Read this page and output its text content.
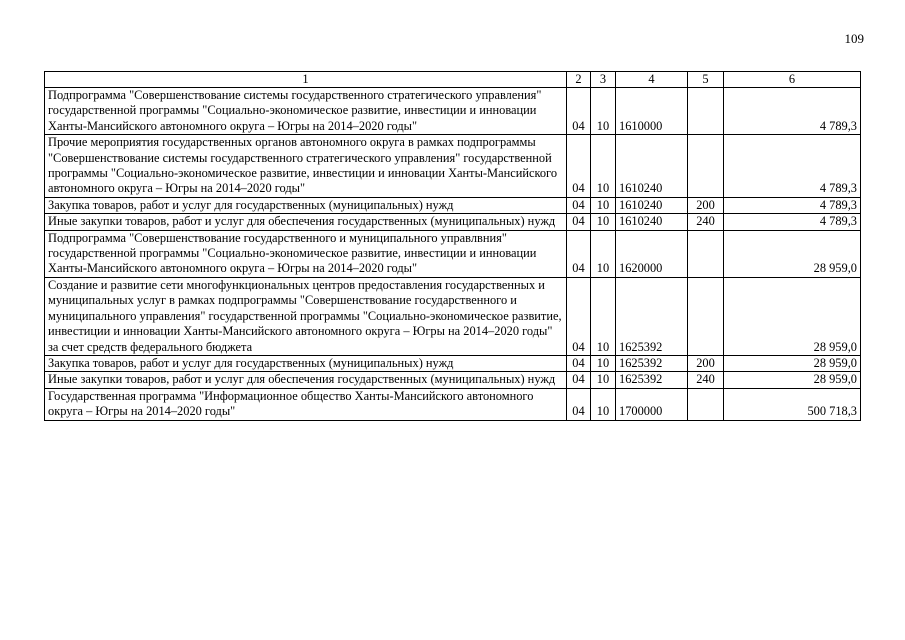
109
1	2	3	4	5	6
Подпрограмма "Совершенствование системы государственного стратегического управления" государственной программы "Социально-экономическое развитие, инвестиции и инновации Ханты-Мансийского автономного округа – Югры на 2014–2020 годы"	04	10	1610000		4 789,3
Прочие мероприятия государственных органов автономного округа в рамках подпрограммы "Совершенствование системы государственного стратегического управления" государственной программы "Социально-экономическое развитие, инвестиции и инновации Ханты-Мансийского автономного округа – Югры на 2014–2020 годы"	04	10	1610240		4 789,3
Закупка товаров, работ и услуг для государственных (муниципальных) нужд	04	10	1610240	200	4 789,3
Иные закупки товаров, работ и услуг для обеспечения государственных (муниципальных) нужд	04	10	1610240	240	4 789,3
Подпрограмма "Совершенствование государственного и муниципального управлвния" государственной программы "Социально-экономическое развитие, инвестиции и инновации Ханты-Мансийского автономного округа – Югры на 2014–2020 годы"	04	10	1620000		28 959,0
Создание и развитие сети многофункциональных центров предоставления государственных и муниципальных услуг в рамках подпрограммы "Совершенствование государственного и муниципального управления" государственной программы "Социально-экономическое развитие, инвестиции и инновации Ханты-Мансийского автономного округа – Югры на 2014–2020 годы" за счет средств федерального бюджета	04	10	1625392		28 959,0
Закупка товаров, работ и услуг для государственных (муниципальных) нужд	04	10	1625392	200	28 959,0
Иные закупки товаров, работ и услуг для обеспечения государственных (муниципальных) нужд	04	10	1625392	240	28 959,0
Государственная программа "Информационное общество Ханты-Мансийского автономного округа – Югры на 2014–2020 годы"	04	10	1700000		500 718,3
